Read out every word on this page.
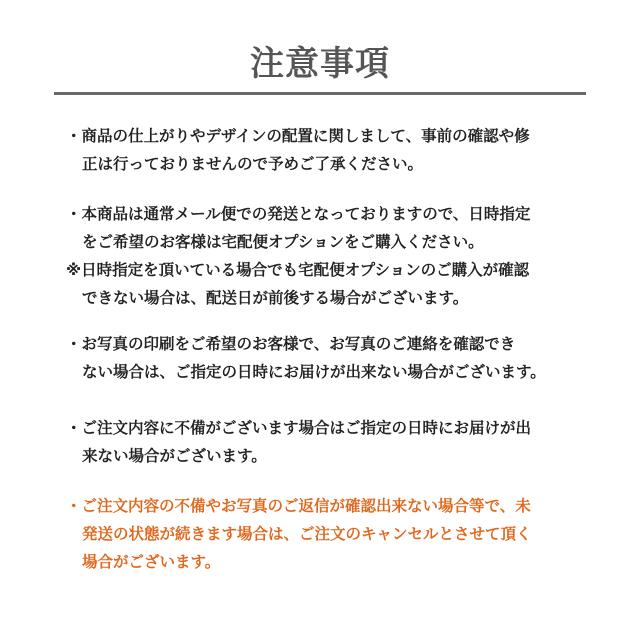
注意事項
・商品の仕上がりやデザインの配置に関しまして、事前の確認や修
正は行っておりませんので予めご了承ください。
・本商品は通常メール便での発送となっておりますので、日時指定
をご希望のお客様は宅配便オプションをご購入ください。
※日時指定を頂いている場合でも宅配便オプションのご購入が確認
できない場合は、配送日が前後する場合がございます。
・お写真の印刷をご希望のお客様で、お写真のご連絡を確認でき
ない場合は、ご指定の日時にお届けが出来ない場合がございます。
・ご注文内容に不備がございます場合はご指定の日時にお届けが出
来ない場合がございます。
・ご注文内容の不備やお写真のご返信が確認出来ない場合等で、未
発送の状態が続きます場合は、ご注文のキャンセルとさせて頂く
場合がございます。
